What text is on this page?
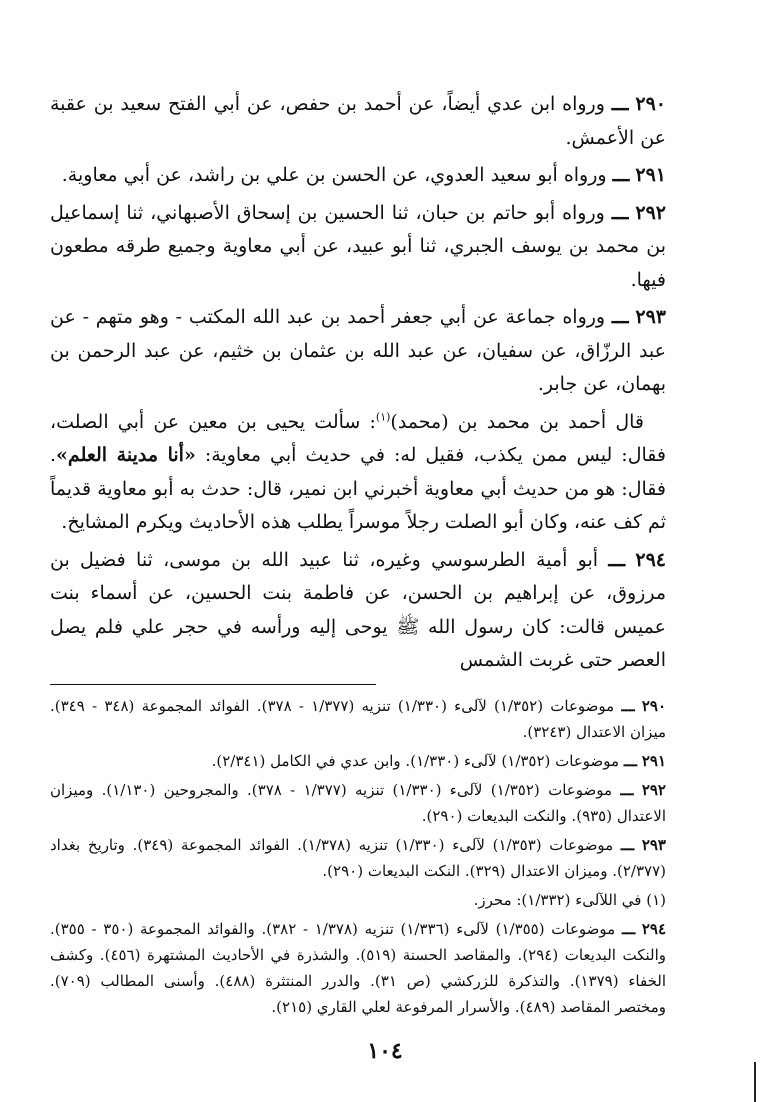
٢٩٠ ـــ ورواه ابن عدي أيضاً، عن أحمد بن حفص، عن أبي الفتح سعيد بن عقبة عن الأعمش.

٢٩١ ـــ ورواه أبو سعيد العدوي، عن الحسن بن علي بن راشد، عن أبي معاوية.

٢٩٢ ـــ ورواه أبو حاتم بن حبان، ثنا الحسين بن إسحاق الأصبهاني، ثنا إسماعيل بن محمد بن يوسف الجبري، ثنا أبو عبيد، عن أبي معاوية وجميع طرقه مطعون فيها.

٢٩٣ ـــ ورواه جماعة عن أبي جعفر أحمد بن عبد الله المكتب - وهو متهم - عن عبد الرزّاق، عن سفيان، عن عبد الله بن عثمان بن خثيم، عن عبد الرحمن بن بهمان، عن جابر.

قال أحمد بن محمد بن (محمد)$^{(١)}$: سألت يحيى بن معين عن أبي الصلت، فقال: ليس ممن يكذب، فقيل له: في حديث أبي معاوية: «أنا مدينة العلم». فقال: هو من حديث أبي معاوية أخبرني ابن نمير، قال: حدث به أبو معاوية قديماً ثم كف عنه، وكان أبو الصلت رجلاً موسراً يطلب هذه الأحاديث ويكرم المشايخ.

٢٩٤ ـــ أبو أمية الطرسوسي وغيره، ثنا عبيد الله بن موسى، ثنا فضيل بن مرزوق، عن إبراهيم بن الحسن، عن فاطمة بنت الحسين، عن أسماء بنت عميس قالت: كان رسول الله ﷺ يوحى إليه ورأسه في حجر علي فلم يصل العصر حتى غربت الشمس

٢٩٠ ـــ موضوعات (١/٣٥٢) لآلىء (١/٣٣٠) تنزيه (١/٣٧٧ - ٣٧٨). الفوائد المجموعة (٣٤٨ - ٣٤٩). ميزان الاعتدال (٣٢٤٣).

٢٩١ ـــ موضوعات (١/٣٥٢) لآلىء (١/٣٣٠). وابن عدي في الكامل (٢/٣٤١).

٢٩٢ ـــ موضوعات (١/٣٥٢) لآلىء (١/٣٣٠) تنزيه (١/٣٧٧ - ٣٧٨). والمجروحين (١/١٣٠). وميزان الاعتدال (٩٣٥). والنكت البديعات (٢٩٠).

٢٩٣ ـــ موضوعات (١/٣٥٣) لآلىء (١/٣٣٠) تنزيه (١/٣٧٨). الفوائد المجموعة (٣٤٩). وتاريخ بغداد (٢/٣٧٧). وميزان الاعتدال (٣٢٩). النكت البديعات (٢٩٠).

(١) في اللآلىء (١/٣٣٢): محرز.

٢٩٤ ـــ موضوعات (١/٣٥٥) لآلىء (١/٣٣٦) تنزيه (١/٣٧٨ - ٣٨٢). والفوائد المجموعة (٣٥٠ - ٣٥٥). والنكت البديعات (٢٩٤). والمقاصد الحسنة (٥١٩). والشذرة في الأحاديث المشتهرة (٤٥٦). وكشف الخفاء (١٣٧٩). والتذكرة للزركشي (ص ٣١). والدرر المنتثرة (٤٨٨). وأسنى المطالب (٧٠٩). ومختصر المقاصد (٤٨٩). والأسرار المرفوعة لعلي القاري (٢١٥).

١٠٤
